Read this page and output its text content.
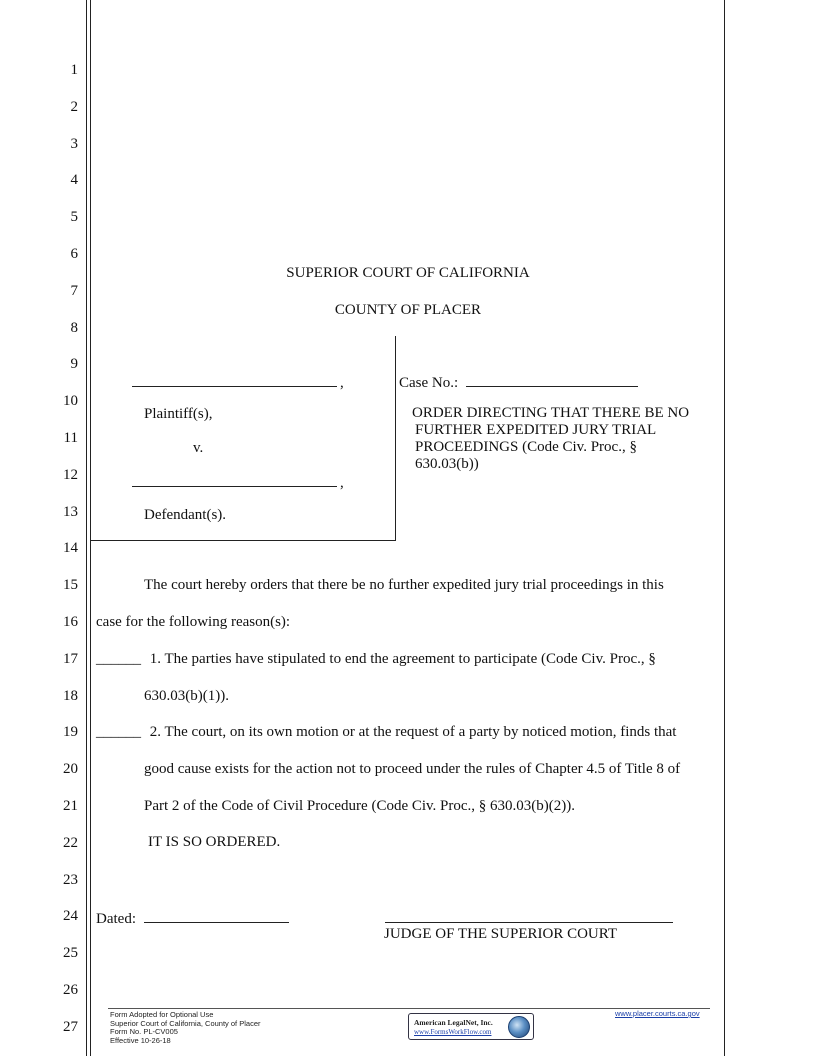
1
2
3
4
5
6
7
8
9
10
11
12
13
14
15
16
17
18
19
20
21
22
23
24
25
26
27
SUPERIOR COURT OF CALIFORNIA
COUNTY OF PLACER
,
Plaintiff(s),
v.
,
Defendant(s).
Case No.:
ORDER DIRECTING THAT THERE BE NO
FURTHER EXPEDITED JURY TRIAL
PROCEEDINGS (Code Civ. Proc., §
630.03(b))
The court hereby orders that there be no further expedited jury trial proceedings in this
case for the following reason(s):
______ 1. The parties have stipulated to end the agreement to participate (Code Civ. Proc., §
630.03(b)(1)).
______ 2. The court, on its own motion or at the request of a party by noticed motion, finds that
good cause exists for the action not to proceed under the rules of Chapter 4.5 of Title 8 of
Part 2 of the Code of Civil Procedure (Code Civ. Proc., § 630.03(b)(2)).
IT IS SO ORDERED.
Dated:
JUDGE OF THE SUPERIOR COURT
Form Adopted for Optional Use
Superior Court of California, County of Placer
Form No. PL-CV005
Effective 10-26-18
American LegalNet, Inc.
www.FormsWorkFlow.com
www.placer.courts.ca.gov
